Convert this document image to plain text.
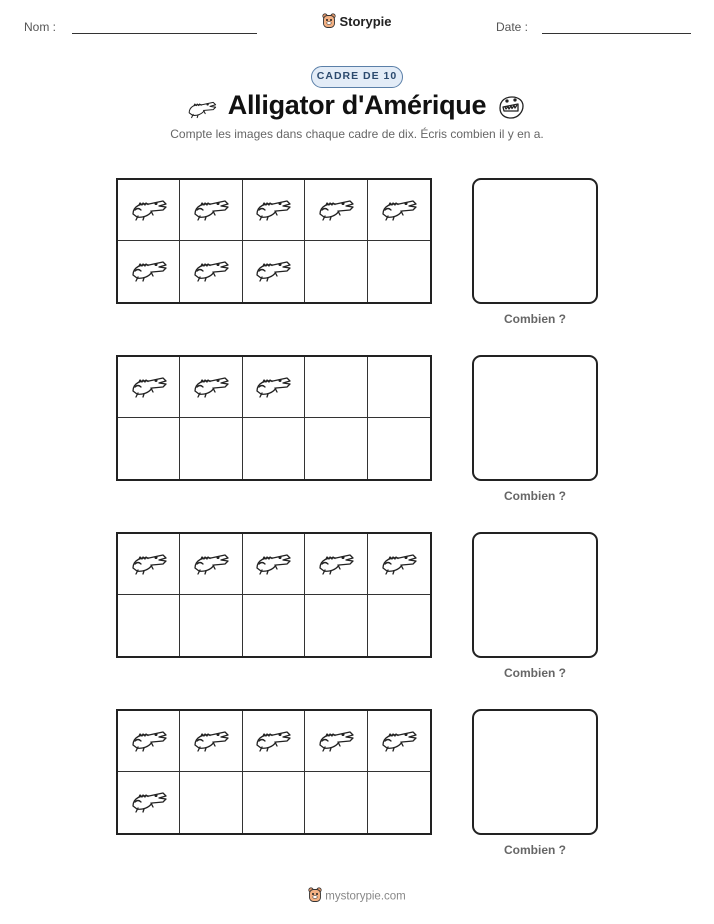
Nom :	Storypie	Date :
CADRE DE 10
Alligator d'Amérique
Compte les images dans chaque cadre de dix. Écris combien il y en a.
Combien ?
Combien ?
Combien ?
Combien ?
mystorypie.com
